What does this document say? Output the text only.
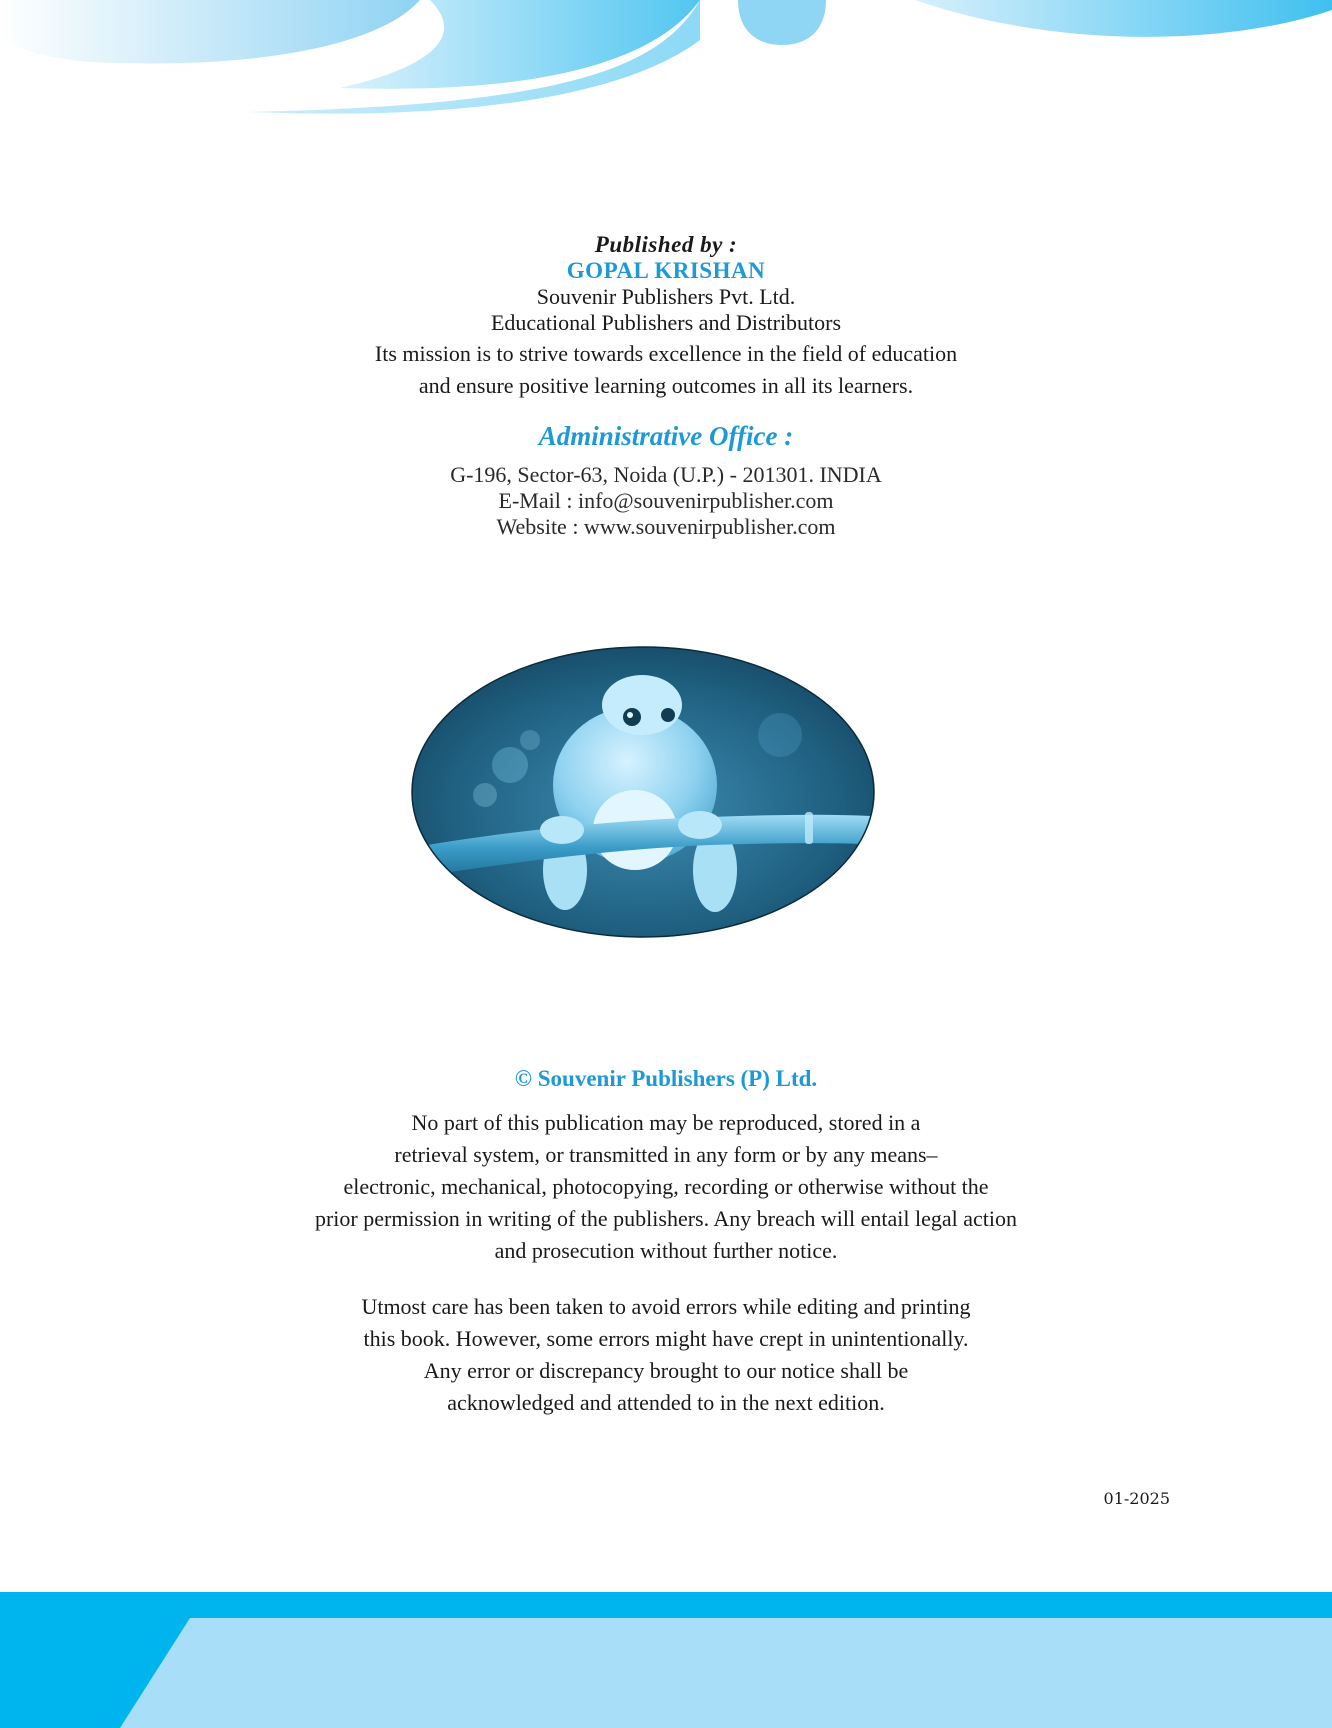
Published by :
GOPAL KRISHAN
Souvenir Publishers Pvt. Ltd.
Educational Publishers and Distributors
Its mission is to strive towards excellence in the field of education
and ensure positive learning outcomes in all its learners.
Administrative Office :
G-196, Sector-63, Noida (U.P.) - 201301. INDIA
E-Mail : info@souvenirpublisher.com
Website : www.souvenirpublisher.com
© Souvenir Publishers (P) Ltd.
No part of this publication may be reproduced, stored in a
retrieval system, or transmitted in any form or by any means–
electronic, mechanical, photocopying, recording or otherwise without the
prior permission in writing of the publishers. Any breach will entail legal action
and prosecution without further notice.
Utmost care has been taken to avoid errors while editing and printing
this book. However, some errors might have crept in unintentionally.
Any error or discrepancy brought to our notice shall be
acknowledged and attended to in the next edition.
01-2025
